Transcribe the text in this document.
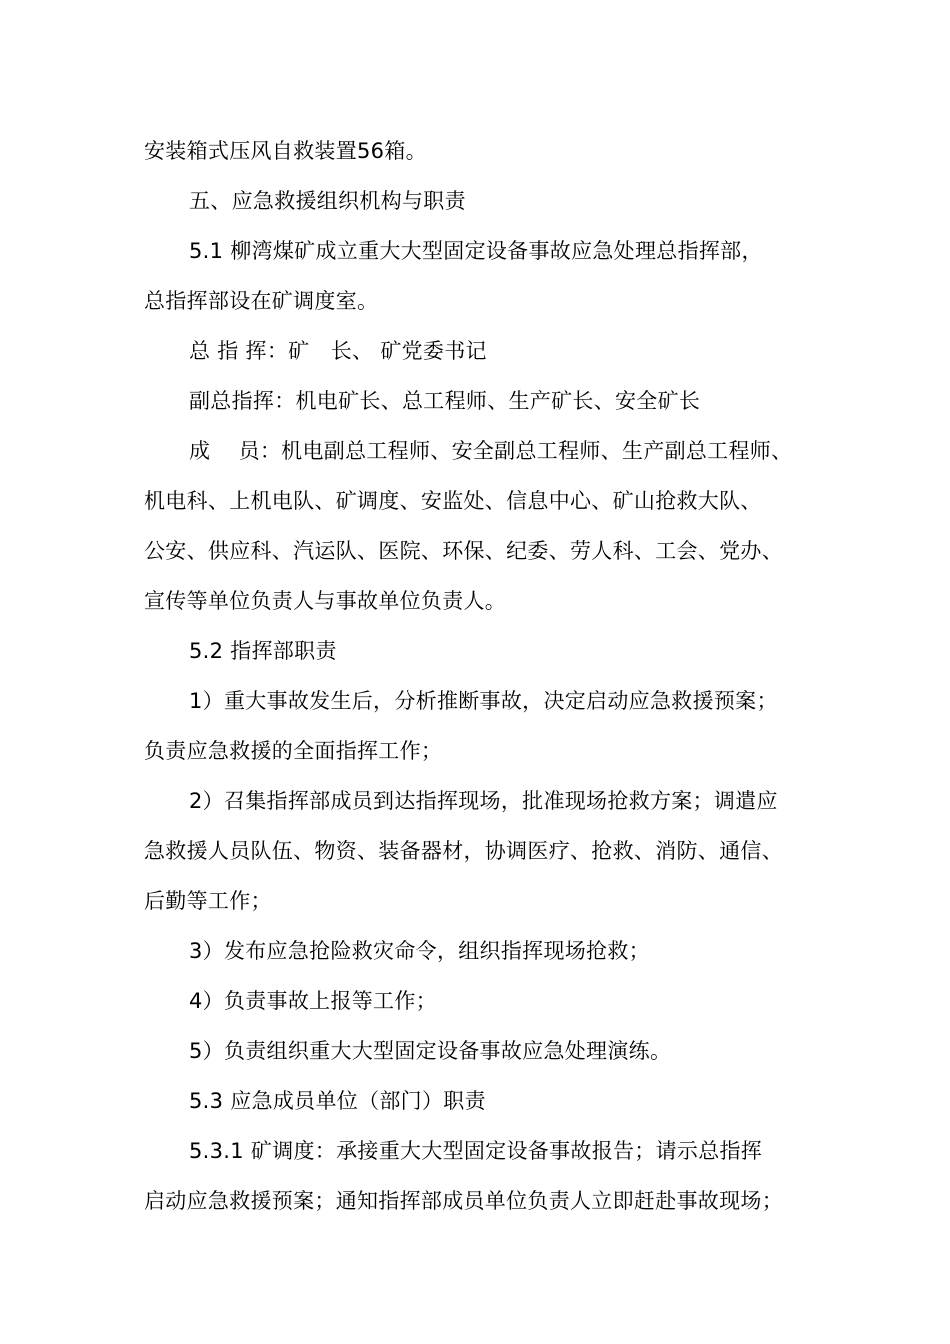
安装箱式压风自救装置56箱。
五、应急救援组织机构与职责
5.1 柳湾煤矿成立重大大型固定设备事故应急处理总指挥部，
总指挥部设在矿调度室。
总 指 挥：矿　长、 矿党委书记
副总指挥：机电矿长、总工程师、生产矿长、安全矿长
成　 员：机电副总工程师、安全副总工程师、生产副总工程师、
机电科、上机电队、矿调度、安监处、信息中心、矿山抢救大队、
公安、供应科、汽运队、医院、环保、纪委、劳人科、工会、党办、
宣传等单位负责人与事故单位负责人。
5.2 指挥部职责
1）重大事故发生后，分析推断事故，决定启动应急救援预案；
负责应急救援的全面指挥工作；
2）召集指挥部成员到达指挥现场，批准现场抢救方案；调遣应
急救援人员队伍、物资、装备器材，协调医疗、抢救、消防、通信、
后勤等工作；
3）发布应急抢险救灾命令，组织指挥现场抢救；
4）负责事故上报等工作；
5）负责组织重大大型固定设备事故应急处理演练。
5.3 应急成员单位（部门）职责
5.3.1 矿调度：承接重大大型固定设备事故报告；请示总指挥
启动应急救援预案；通知指挥部成员单位负责人立即赶赴事故现场；
